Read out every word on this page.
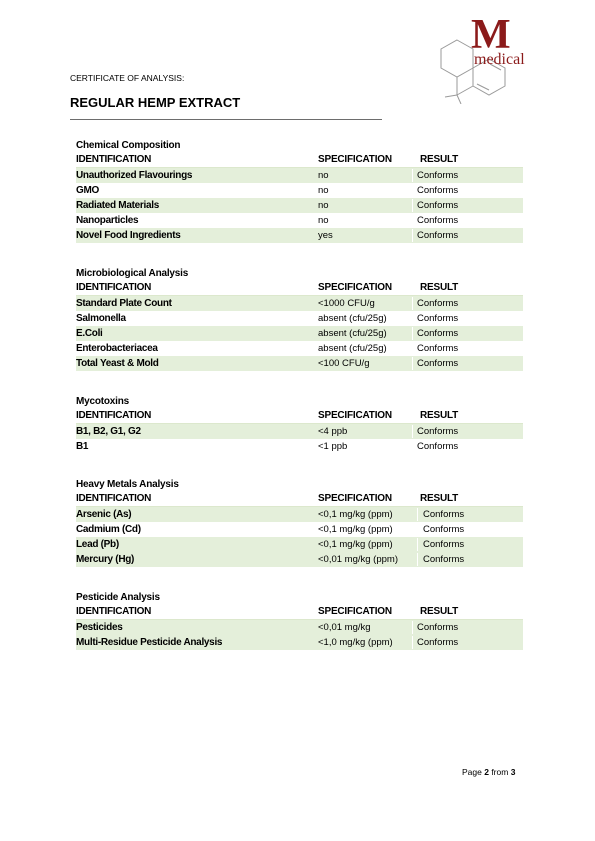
M
medical
CERTIFICATE OF ANALYSIS:
REGULAR HEMP EXTRACT
Chemical Composition
IDENTIFICATION	SPECIFICATION	RESULT
Unauthorized Flavourings	no	Conforms
GMO	no	Conforms
Radiated Materials	no	Conforms
Nanoparticles	no	Conforms
Novel Food Ingredients	yes	Conforms
Microbiological Analysis
IDENTIFICATION	SPECIFICATION	RESULT
Standard Plate Count	<1000 CFU/g	Conforms
Salmonella	absent (cfu/25g)	Conforms
E.Coli	absent (cfu/25g)	Conforms
Enterobacteriacea	absent (cfu/25g)	Conforms
Total Yeast & Mold	<100 CFU/g	Conforms
Mycotoxins
IDENTIFICATION	SPECIFICATION	RESULT
B1, B2, G1, G2	<4 ppb	Conforms
B1	<1 ppb	Conforms
Heavy Metals Analysis
IDENTIFICATION	SPECIFICATION	RESULT
Arsenic (As)	<0,1 mg/kg (ppm)	Conforms
Cadmium (Cd)	<0,1 mg/kg (ppm)	Conforms
Lead (Pb)	<0,1 mg/kg (ppm)	Conforms
Mercury (Hg)	<0,01 mg/kg (ppm)	Conforms
Pesticide Analysis
IDENTIFICATION	SPECIFICATION	RESULT
Pesticides	<0,01 mg/kg	Conforms
Multi-Residue Pesticide Analysis	<1,0 mg/kg (ppm)	Conforms
Page 2 from 3
